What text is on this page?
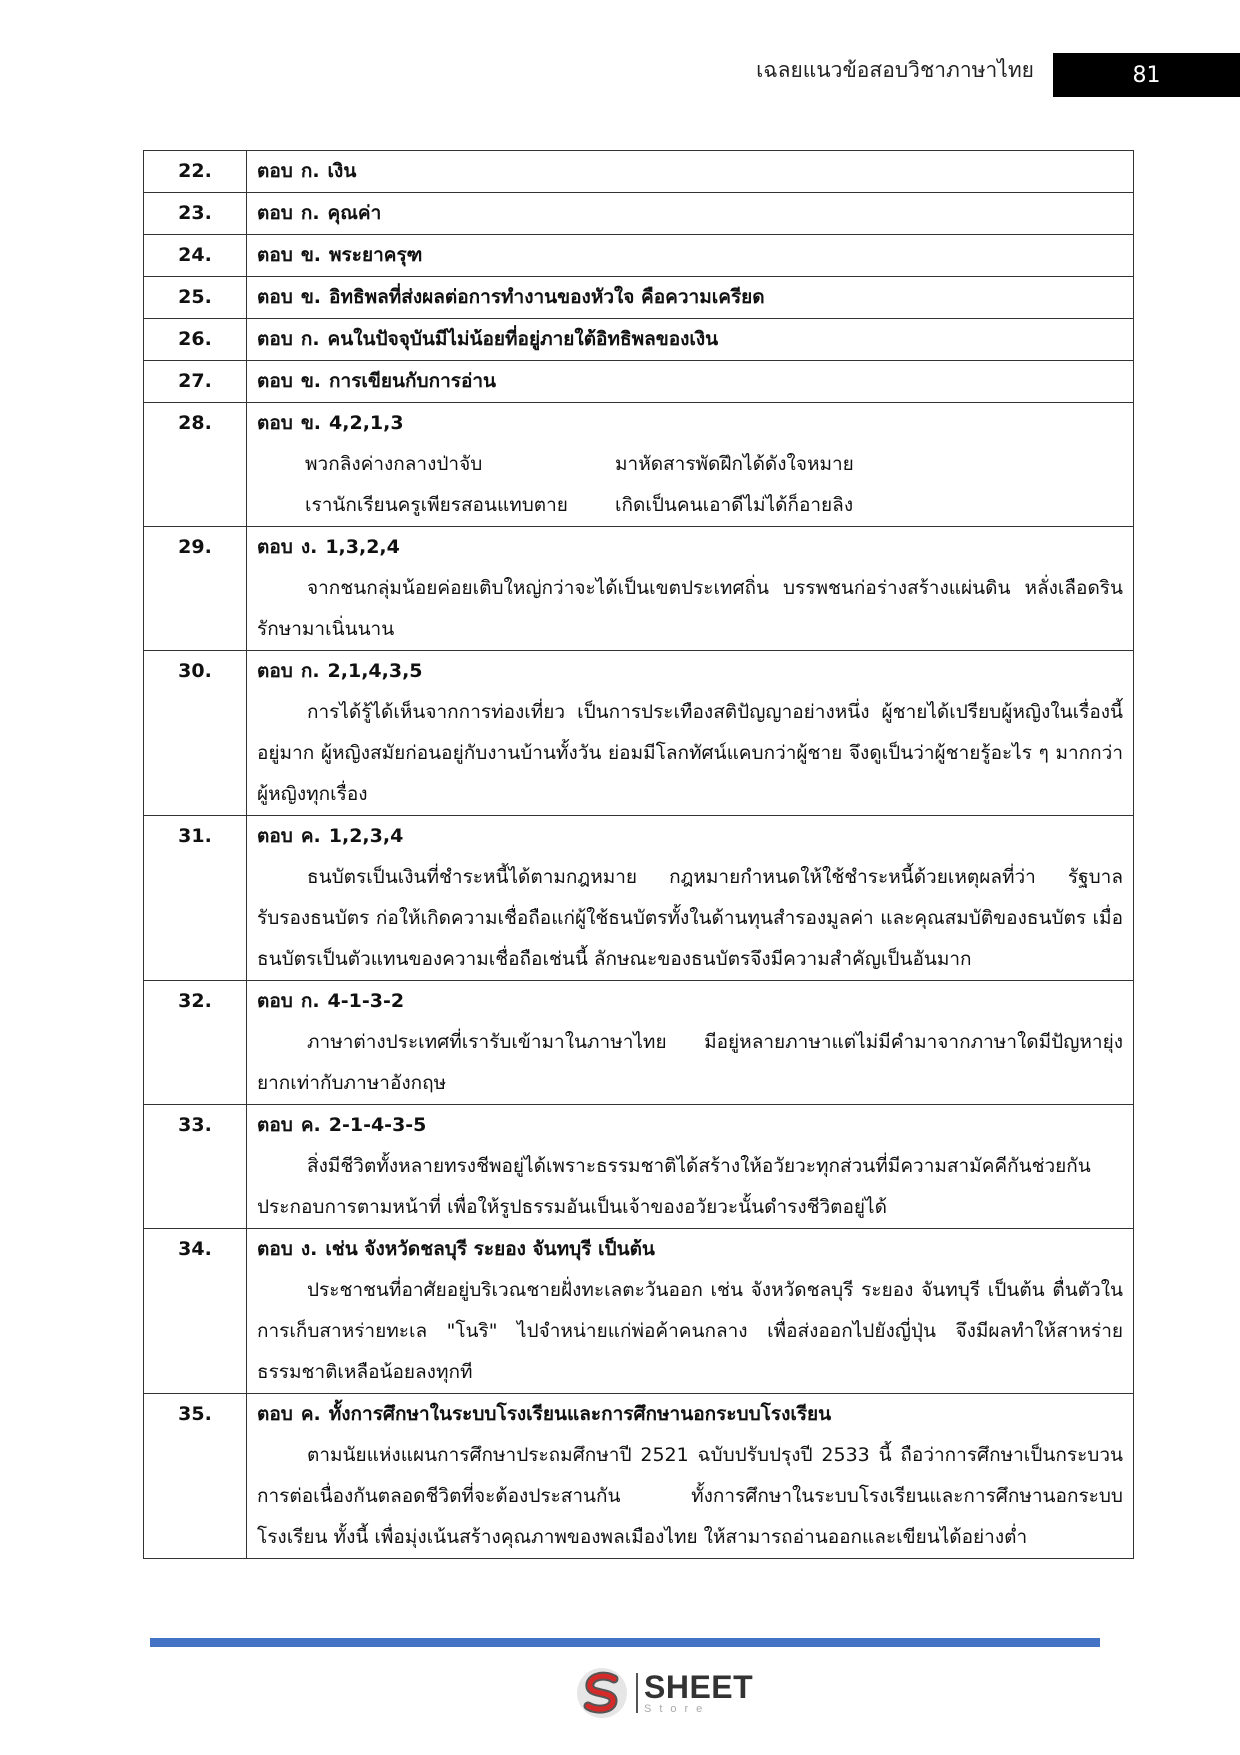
เฉลยแนวข้อสอบวิชาภาษาไทย	81
22.	ตอบ ก. เงิน

23.	ตอบ ก. คุณค่า

24.	ตอบ ข. พระยาครุฑ

25.	ตอบ ข. อิทธิพลที่ส่งผลต่อการทำงานของหัวใจ คือความเครียด

26.	ตอบ ก. คนในปัจจุบันมีไม่น้อยที่อยู่ภายใต้อิทธิพลของเงิน

27.	ตอบ ข. การเขียนกับการอ่าน

28.	ตอบ ข. 4,2,1,3
พวกลิงค่างกลางป่าจับ มาหัดสารพัดฝึกได้ดังใจหมาย
เรานักเรียนครูเพียรสอนแทบตาย เกิดเป็นคนเอาดีไม่ได้ก็อายลิง

29.	ตอบ ง. 1,3,2,4
จากชนกลุ่มน้อยค่อยเติบใหญ่กว่าจะได้เป็นเขตประเทศถิ่น บรรพชนก่อร่างสร้างแผ่นดิน หลั่งเลือดรินรักษามาเนิ่นนาน

30.	ตอบ ก. 2,1,4,3,5
การได้รู้ได้เห็นจากการท่องเที่ยว เป็นการประเทืองสติปัญญาอย่างหนึ่ง ผู้ชายได้เปรียบผู้หญิงในเรื่องนี้อยู่มาก ผู้หญิงสมัยก่อนอยู่กับงานบ้านทั้งวัน ย่อมมีโลกทัศน์แคบกว่าผู้ชาย จึงดูเป็นว่าผู้ชายรู้อะไร ๆ มากกว่าผู้หญิงทุกเรื่อง

31.	ตอบ ค. 1,2,3,4
ธนบัตรเป็นเงินที่ชำระหนี้ได้ตามกฎหมาย กฎหมายกำหนดให้ใช้ชำระหนี้ด้วยเหตุผลที่ว่า รัฐบาลรับรองธนบัตร ก่อให้เกิดความเชื่อถือแก่ผู้ใช้ธนบัตรทั้งในด้านทุนสำรองมูลค่า และคุณสมบัติของธนบัตร เมื่อธนบัตรเป็นตัวแทนของความเชื่อถือเช่นนี้ ลักษณะของธนบัตรจึงมีความสำคัญเป็นอันมาก

32.	ตอบ ก. 4-1-3-2
ภาษาต่างประเทศที่เรารับเข้ามาในภาษาไทย มีอยู่หลายภาษาแต่ไม่มีคำมาจากภาษาใดมีปัญหายุ่งยากเท่ากับภาษาอังกฤษ

33.	ตอบ ค. 2-1-4-3-5
สิ่งมีชีวิตทั้งหลายทรงชีพอยู่ได้เพราะธรรมชาติได้สร้างให้อวัยวะทุกส่วนที่มีความสามัคคีกันช่วยกันประกอบการตามหน้าที่ เพื่อให้รูปธรรมอันเป็นเจ้าของอวัยวะนั้นดำรงชีวิตอยู่ได้

34.	ตอบ ง. เช่น จังหวัดชลบุรี ระยอง จันทบุรี เป็นต้น
ประชาชนที่อาศัยอยู่บริเวณชายฝั่งทะเลตะวันออก เช่น จังหวัดชลบุรี ระยอง จันทบุรี เป็นต้น ตื่นตัวในการเก็บสาหร่ายทะเล "โนริ" ไปจำหน่ายแก่พ่อค้าคนกลาง เพื่อส่งออกไปยังญี่ปุ่น จึงมีผลทำให้สาหร่ายธรรมชาติเหลือน้อยลงทุกที

35.	ตอบ ค. ทั้งการศึกษาในระบบโรงเรียนและการศึกษานอกระบบโรงเรียน
ตามนัยแห่งแผนการศึกษาประถมศึกษาปี 2521 ฉบับปรับปรุงปี 2533 นี้ ถือว่าการศึกษาเป็นกระบวนการต่อเนื่องกันตลอดชีวิตที่จะต้องประสานกัน ทั้งการศึกษาในระบบโรงเรียนและการศึกษานอกระบบโรงเรียน ทั้งนี้ เพื่อมุ่งเน้นสร้างคุณภาพของพลเมืองไทย ให้สามารถอ่านออกและเขียนได้อย่างต่ำ
SHEET
Store
